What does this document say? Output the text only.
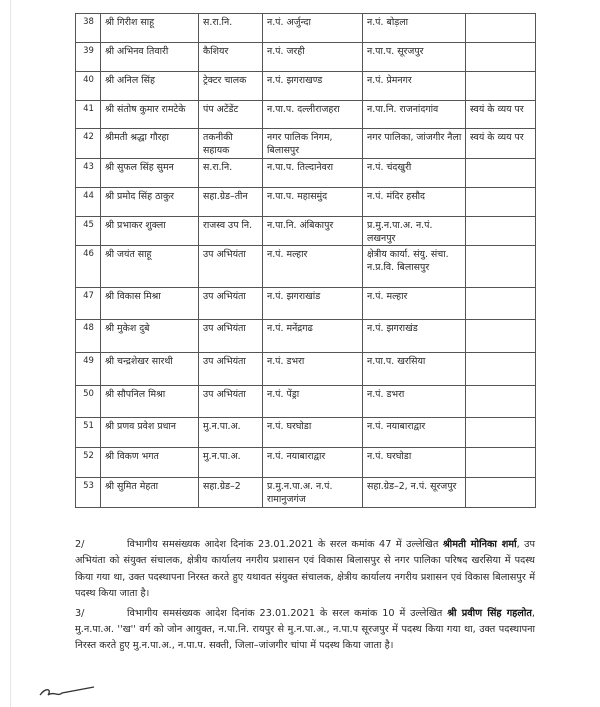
38	श्री गिरीश साहू	स.रा.नि.	न.पं. अर्जुन्दा	न.पं. बोड़ला	
39	श्री अभिनव तिवारी	कैशियर	न.पं. जरही	न.पा.प. सूरजपुर	
40	श्री अनिल सिंह	ट्रेक्टर चालक	न.पं. झगराखण्ड	न.पं. प्रेमनगर	
41	श्री संतोष कुमार रामटेके	पंप अटेंडेंट	न.पा.प. दल्लीराजहरा	न.पा.नि. राजनांदगांव	स्वयं के व्यय पर
42	श्रीमती श्रद्धा गौरहा	तकनीकी सहायक	नगर पालिक निगम, बिलासपुर	नगर पालिका, जांजगीर नैला	स्वयं के व्यय पर
43	श्री सुफल सिंह सुमन	स.रा.नि.	न.पा.प. तिल्दानेवरा	न.पं. चंदखुरी	
44	श्री प्रमोद सिंह ठाकुर	सहा.ग्रेड–तीन	न.पा.प. महासमुंद	न.पं. मंदिर हसौद	
45	श्री प्रभाकर शुक्ला	राजस्व उप नि.	न.पा.नि. अंबिकापुर	प्र.मु.न.पा.अ. न.पं. लखनपुर	
46	श्री जयंत साहू	उप अभियंता	न.पं. मल्हार	क्षेत्रीय कार्या. संयु. संचा. न.प्र.वि. बिलासपुर	
47	श्री विकास मिश्रा	उप अभियंता	न.पं. झगराखांड	न.पं. मल्हार	
48	श्री मुकेश दुबे	उप अभियंता	न.पं. मनेंद्रगढ	न.पं. झगराखंड	
49	श्री चन्द्रशेखर सारथी	उप अभियंता	न.पं. डभरा	न.पा.प. खरसिया	
50	श्री सौपनिल मिश्रा	उप अभियंता	न.पं. पेंड्रा	न.पं. डभरा	
51	श्री प्रणव प्रवेश प्रधान	मु.न.पा.अ.	न.पं. घरघोडा	न.पं. नयाबाराद्वार	
52	श्री विकण भगत	मु.न.पा.अ.	न.पं. नयाबाराद्वार	न.पं. घरघोडा	
53	श्री सुमित मेहता	सहा.ग्रेड–2	प्र.मु.न.पा.अ. न.पं. रामानुजगंज	सहा.ग्रेड–2, न.पं. सूरजपुर	

2/	विभागीय समसंख्यक आदेश दिनांक 23.01.2021 के सरल कमांक 47 में उल्लेखित श्रीमती मोनिका शर्मा, उप अभियंता को संयुक्त संचालक, क्षेत्रीय कार्यालय नगरीय प्रशासन एवं विकास बिलासपुर से नगर पालिका परिषद खरसिया में पदस्थ किया गया था, उक्त पदस्थापना निरस्त करते हुए यथावत संयुक्त संचालक, क्षेत्रीय कार्यालय नगरीय प्रशासन एवं विकास बिलासपुर में पदस्थ किया जाता है।

3/	विभागीय समसंख्यक आदेश दिनांक 23.01.2021 के सरल कमांक 10 में उल्लेखित श्री प्रवीण सिंह गहलोत, मु.न.पा.अ. ''ख'' वर्ग को जोन आयुक्त, न.पा.नि. रायपुर से मु.न.पा.अ., न.पा.प सूरजपुर में पदस्थ किया गया था, उक्त पदस्थापना निरस्त करते हुए मु.न.पा.अ., न.पा.प. सक्ती, जिला–जांजगीर चांपा में पदस्थ किया जाता है।
